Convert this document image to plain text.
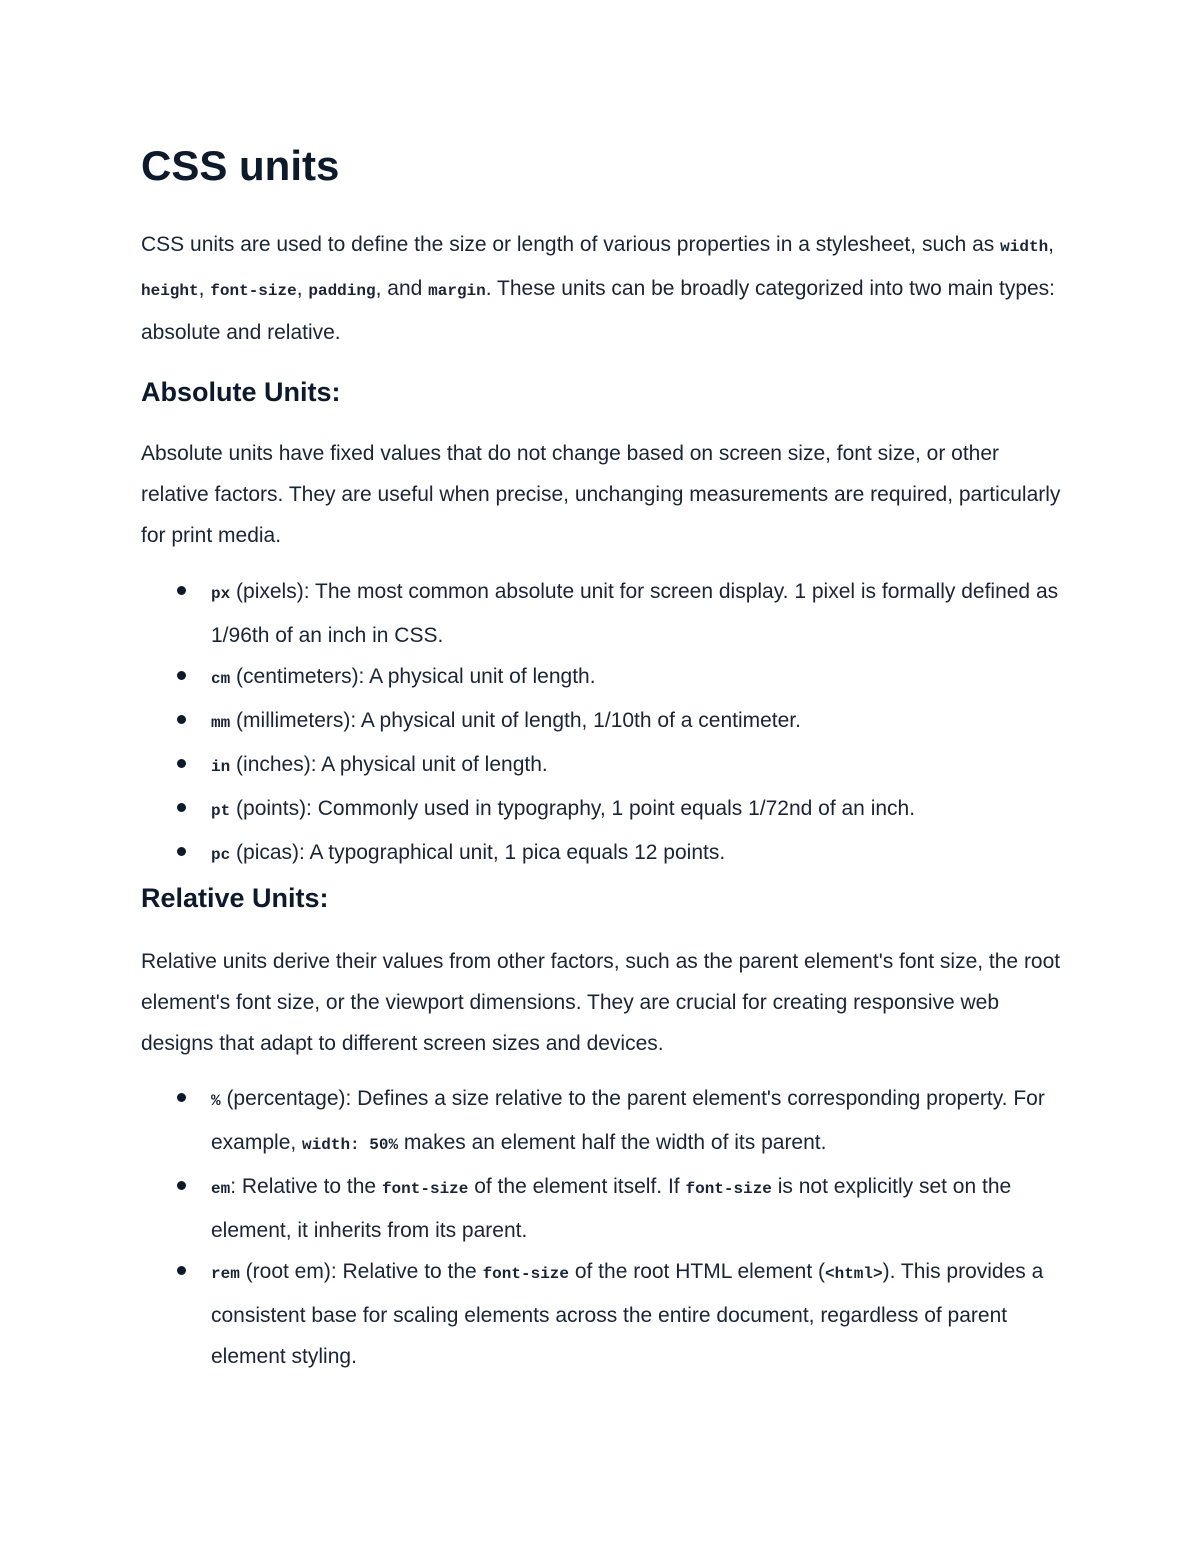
CSS units

CSS units are used to define the size or length of various properties in a stylesheet, such as width, height, font-size, padding, and margin. These units can be broadly categorized into two main types: absolute and relative.

Absolute Units:

Absolute units have fixed values that do not change based on screen size, font size, or other relative factors. They are useful when precise, unchanging measurements are required, particularly for print media.

px (pixels): The most common absolute unit for screen display. 1 pixel is formally defined as 1/96th of an inch in CSS.
cm (centimeters): A physical unit of length.
mm (millimeters): A physical unit of length, 1/10th of a centimeter.
in (inches): A physical unit of length.
pt (points): Commonly used in typography, 1 point equals 1/72nd of an inch.
pc (picas): A typographical unit, 1 pica equals 12 points.
Relative Units:

Relative units derive their values from other factors, such as the parent element's font size, the root element's font size, or the viewport dimensions. They are crucial for creating responsive web designs that adapt to different screen sizes and devices.

% (percentage): Defines a size relative to the parent element's corresponding property. For example, width: 50% makes an element half the width of its parent.
em: Relative to the font-size of the element itself. If font-size is not explicitly set on the element, it inherits from its parent.
rem (root em): Relative to the font-size of the root HTML element (<html>). This provides a consistent base for scaling elements across the entire document, regardless of parent element styling.
